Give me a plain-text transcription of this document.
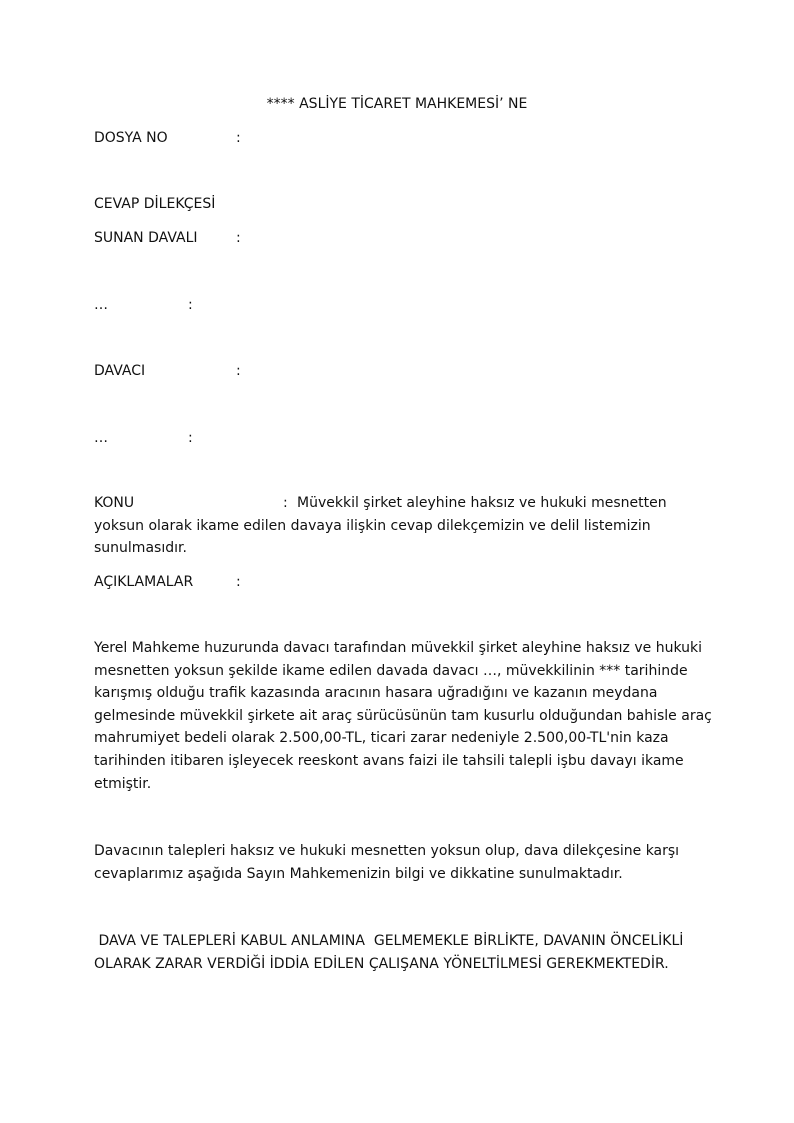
**** ASLİYE TİCARET MAHKEMESİ’ NE
DOSYA NO	:
CEVAP DİLEKÇESİ
SUNAN DAVALI	:
…	:
DAVACI	:
…	:
KONU	: Müvekkil şirket aleyhine haksız ve hukuki mesnetten
yoksun olarak ikame edilen davaya ilişkin cevap dilekçemizin ve delil listemizin
sunulmasıdır.
AÇIKLAMALAR	:
Yerel Mahkeme huzurunda davacı tarafından müvekkil şirket aleyhine haksız ve hukuki
mesnetten yoksun şekilde ikame edilen davada davacı …, müvekkilinin *** tarihinde
karışmış olduğu trafik kazasında aracının hasara uğradığını ve kazanın meydana
gelmesinde müvekkil şirkete ait araç sürücüsünün tam kusurlu olduğundan bahisle araç
mahrumiyet bedeli olarak 2.500,00-TL, ticari zarar nedeniyle 2.500,00-TL'nin kaza
tarihinden itibaren işleyecek reeskont avans faizi ile tahsili talepli işbu davayı ikame
etmiştir.
Davacının talepleri haksız ve hukuki mesnetten yoksun olup, dava dilekçesine karşı
cevaplarımız aşağıda Sayın Mahkemenizin bilgi ve dikkatine sunulmaktadır.
DAVA VE TALEPLERİ KABUL ANLAMINA  GELMEMEKLE BİRLİKTE, DAVANIN ÖNCELİKLİ
OLARAK ZARAR VERDİĞİ İDDİA EDİLEN ÇALIŞANA YÖNELTİLMESİ GEREKMEKTEDİR.
